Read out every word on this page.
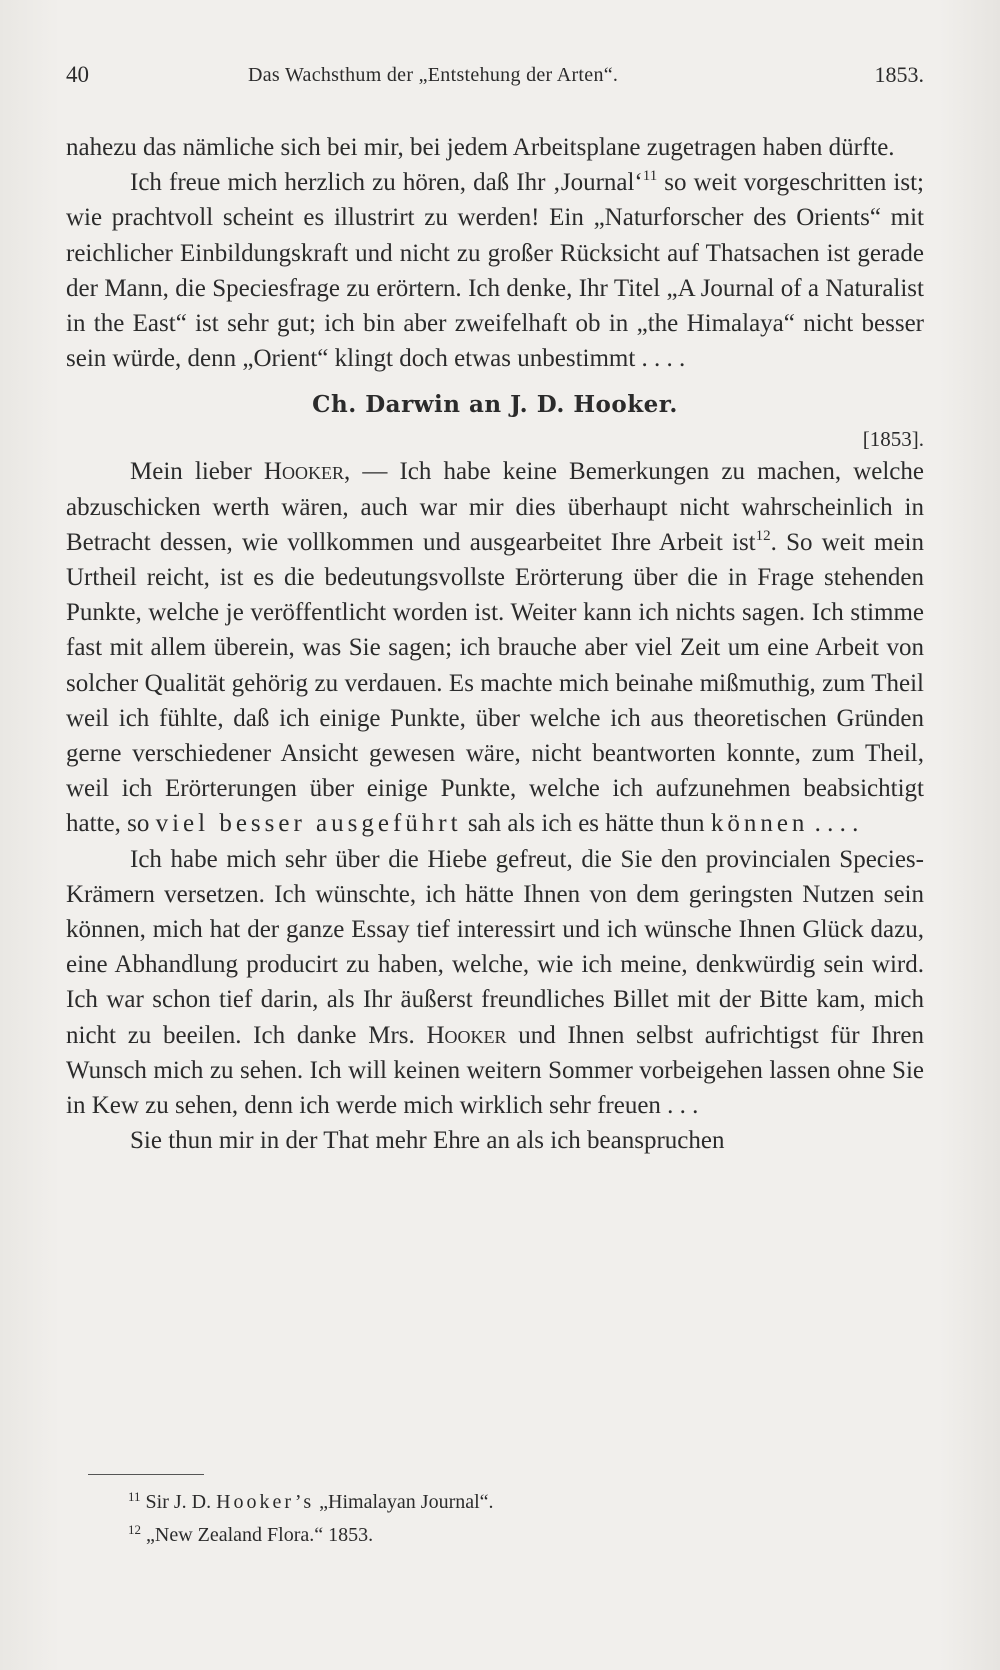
40	Das Wachsthum der „Entstehung der Arten“.	1853.

nahezu das nämliche sich bei mir, bei jedem Arbeitsplane zugetragen haben dürfte.

Ich freue mich herzlich zu hören, daß Ihr ‚Journal‘$^{11}$ so weit vorgeschritten ist; wie prachtvoll scheint es illustrirt zu werden! Ein „Naturforscher des Orients“ mit reichlicher Einbildungskraft und nicht zu großer Rücksicht auf Thatsachen ist gerade der Mann, die Speciesfrage zu erörtern. Ich denke, Ihr Titel „A Journal of a Naturalist in the East“ ist sehr gut; ich bin aber zweifelhaft ob in „the Himalaya“ nicht besser sein würde, denn „Orient“ klingt doch etwas unbestimmt . . . .

Ch. Darwin an J. D. Hooker.
[1853].

Mein lieber Hooker, — Ich habe keine Bemerkungen zu machen, welche abzuschicken werth wären, auch war mir dies überhaupt nicht wahrscheinlich in Betracht dessen, wie vollkommen und ausgearbeitet Ihre Arbeit ist$^{12}$. So weit mein Urtheil reicht, ist es die bedeutungsvollste Erörterung über die in Frage stehenden Punkte, welche je veröffentlicht worden ist. Weiter kann ich nichts sagen. Ich stimme fast mit allem überein, was Sie sagen; ich brauche aber viel Zeit um eine Arbeit von solcher Qualität gehörig zu verdauen. Es machte mich beinahe mißmuthig, zum Theil weil ich fühlte, daß ich einige Punkte, über welche ich aus theoretischen Gründen gerne verschiedener Ansicht gewesen wäre, nicht beantworten konnte, zum Theil, weil ich Erörterungen über einige Punkte, welche ich aufzunehmen beabsichtigt hatte, so viel besser ausgeführt sah als ich es hätte thun können . . . .

Ich habe mich sehr über die Hiebe gefreut, die Sie den provincialen Species-Krämern versetzen. Ich wünschte, ich hätte Ihnen von dem geringsten Nutzen sein können, mich hat der ganze Essay tief interessirt und ich wünsche Ihnen Glück dazu, eine Abhandlung producirt zu haben, welche, wie ich meine, denkwürdig sein wird. Ich war schon tief darin, als Ihr äußerst freundliches Billet mit der Bitte kam, mich nicht zu beeilen. Ich danke Mrs. Hooker und Ihnen selbst aufrichtigst für Ihren Wunsch mich zu sehen. Ich will keinen weitern Sommer vorbeigehen lassen ohne Sie in Kew zu sehen, denn ich werde mich wirklich sehr freuen . . .

Sie thun mir in der That mehr Ehre an als ich beanspruchen

$^{11}$ Sir J. D. Hooker’s „Himalayan Journal“.
$^{12}$ „New Zealand Flora.“ 1853.
